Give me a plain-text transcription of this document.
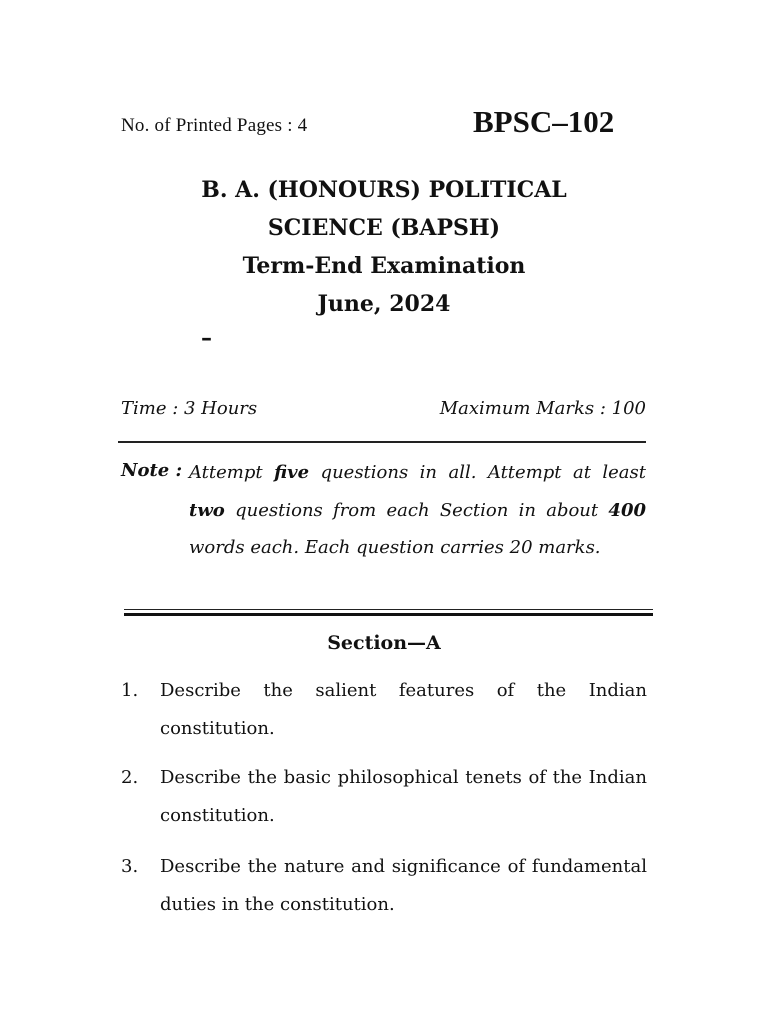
No. of Printed Pages : 4	BPSC–102
B. A. (HONOURS) POLITICAL
SCIENCE (BAPSH)
Term-End Examination
June, 2024
–
Time : 3 Hours	Maximum Marks : 100
Note : Attempt five questions in all. Attempt at least two questions from each Section in about 400 words each. Each question carries 20 marks.
Section—A
1. Describe the salient features of the Indian constitution.
2. Describe the basic philosophical tenets of the Indian constitution.
3. Describe the nature and significance of fundamental duties in the constitution.
